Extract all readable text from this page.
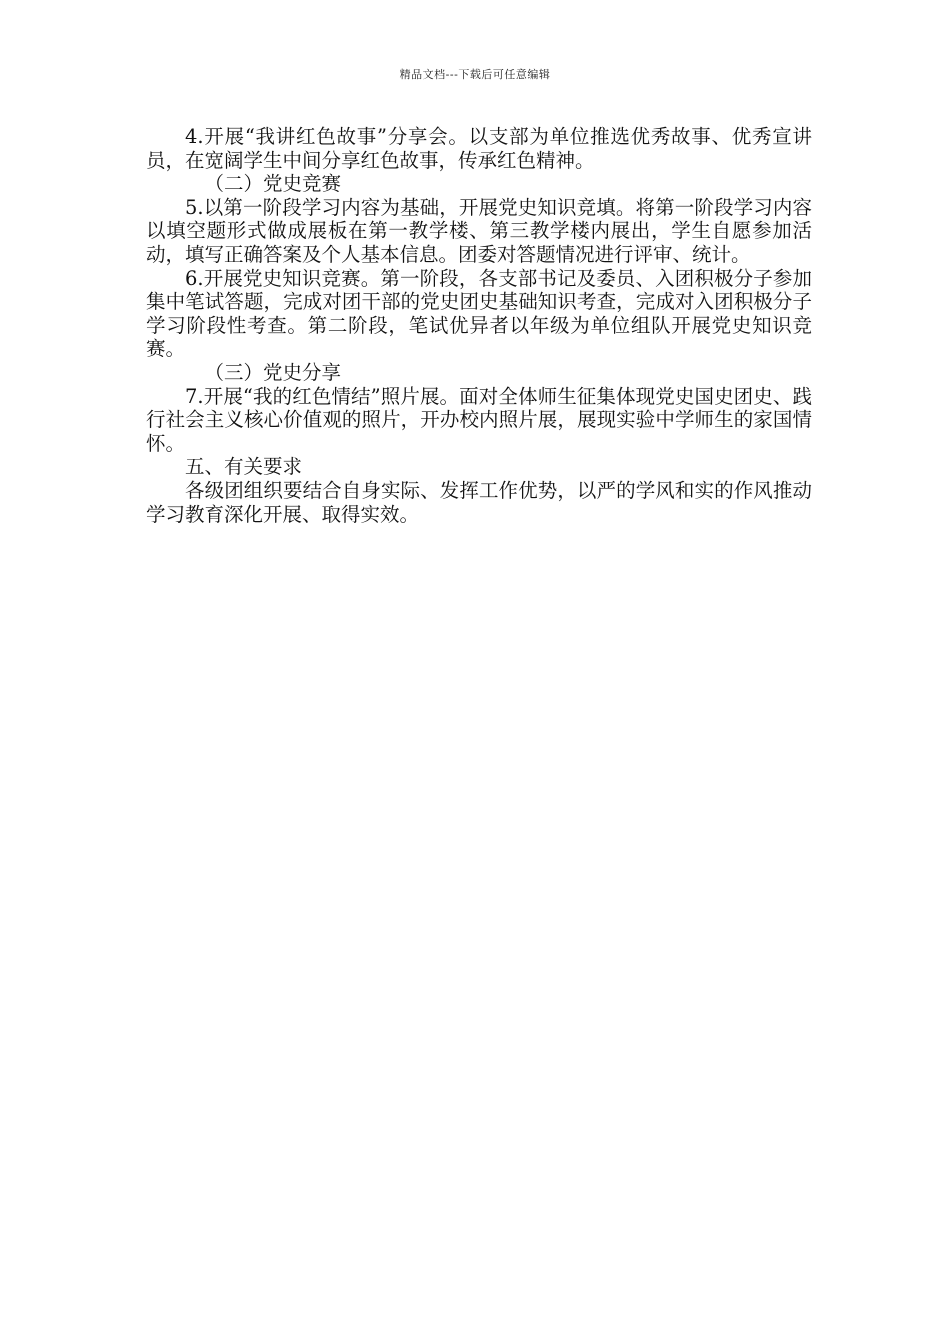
精品文档---下载后可任意编辑

4.开展“我讲红色故事”分享会。以支部为单位推选优秀故事、优秀宣讲员，在宽阔学生中间分享红色故事，传承红色精神。

（二）党史竞赛

5.以第一阶段学习内容为基础，开展党史知识竞填。将第一阶段学习内容以填空题形式做成展板在第一教学楼、第三教学楼内展出，学生自愿参加活动，填写正确答案及个人基本信息。团委对答题情况进行评审、统计。

6.开展党史知识竞赛。第一阶段，各支部书记及委员、入团积极分子参加集中笔试答题，完成对团干部的党史团史基础知识考查，完成对入团积极分子学习阶段性考查。第二阶段，笔试优异者以年级为单位组队开展党史知识竞赛。

（三）党史分享

7.开展“我的红色情结”照片展。面对全体师生征集体现党史国史团史、践行社会主义核心价值观的照片，开办校内照片展，展现实验中学师生的家国情怀。

五、有关要求

各级团组织要结合自身实际、发挥工作优势，以严的学风和实的作风推动学习教育深化开展、取得实效。
